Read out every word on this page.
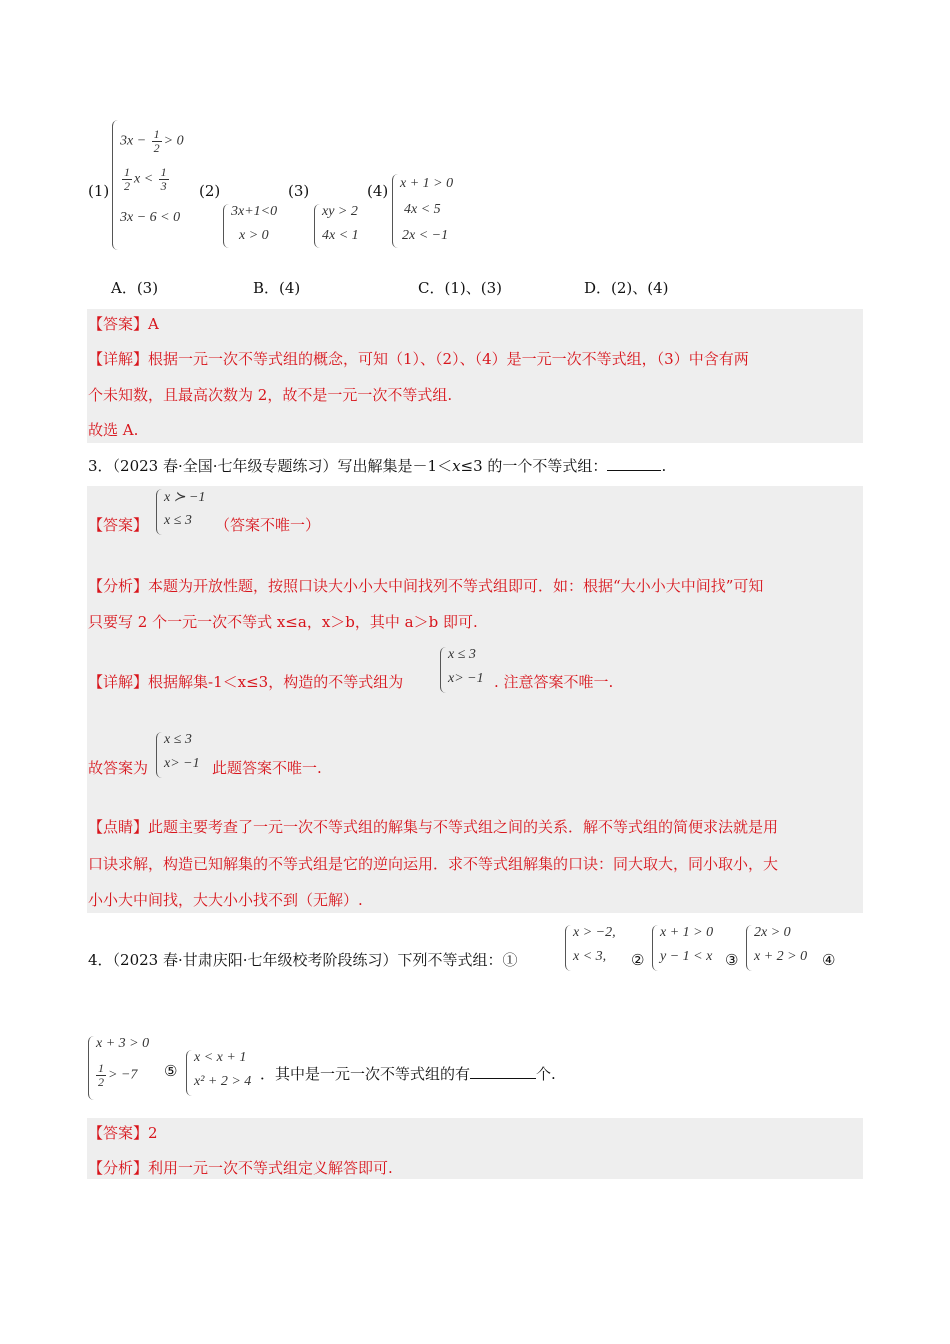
(1)
$3x - \frac{1}{2} > 0$
$\frac{1}{2}$ $x < \frac{1}{3}$
3x − 6 < 0
(2)
3x+1<0
x > 0
(3)
xy > 2
4x < 1
(4) x + 1 > 0
4x < 5
2x < −1
A．(3)	B．(4)	C．(1)、(3)	D．(2)、(4)
【答案】A
【详解】根据一元一次不等式组的概念，可知（1）、（2）、（4）是一元一次不等式组，（3）中含有两
个未知数，且最高次数为 2，故不是一元一次不等式组.
故选 A.
3．（2023 春·全国·七年级专题练习）写出解集是－1＜x≤3 的一个不等式组：	.
【答案】
x ≻ −1
x ≤ 3 （答案不唯一）
【分析】本题为开放性题，按照口诀大小小大中间找列不等式组即可．如：根据“大小小大中间找”可知
只要写 2 个一元一次不等式 x≤a，x＞b，其中 a＞b 即可.
【详解】根据解集-1＜x≤3，构造的不等式组为
x ≤ 3
x> −1 . 注意答案不唯一.
故答案为
x ≤ 3
x> −1 此题答案不唯一.
【点睛】此题主要考查了一元一次不等式组的解集与不等式组之间的关系．解不等式组的简便求法就是用
口诀求解，构造已知解集的不等式组是它的逆向运用．求不等式组解集的口诀：同大取大，同小取小，大
小小大中间找，大大小小找不到（无解）.
4．（2023 春·甘肃庆阳·七年级校考阶段练习）下列不等式组：①
x > −2,
x < 3, ②
x + 1 > 0
y − 1 < x ③
2x > 0
x + 2 > 0 ④
x + 3 > 0
$\frac{1}{2} > -7$ ⑤
x < x + 1
x² + 2 > 4 ．其中是一元一次不等式组的有	个.
【答案】2
【分析】利用一元一次不等式组定义解答即可.
